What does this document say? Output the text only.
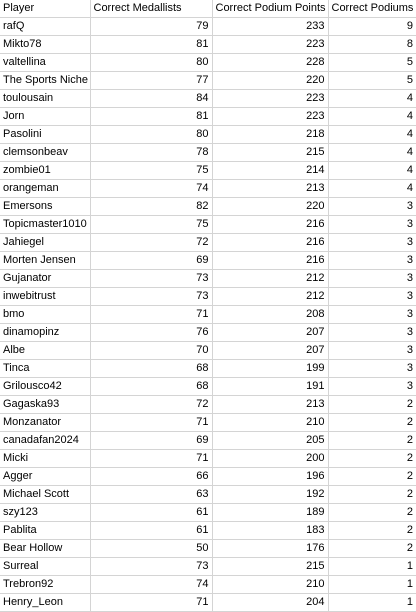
Player	Correct Medallists	Correct Podium Points	Correct Podiums
rafQ	79	233	9
Mikto78	81	223	8
valtellina	80	228	5
The Sports Niche	77	220	5
toulousain	84	223	4
Jorn	81	223	4
Pasolini	80	218	4
clemsonbeav	78	215	4
zombie01	75	214	4
orangeman	74	213	4
Emersons	82	220	3
Topicmaster1010	75	216	3
Jahiegel	72	216	3
Morten Jensen	69	216	3
Gujanator	73	212	3
inwebitrust	73	212	3
bmo	71	208	3
dinamopinz	76	207	3
Albe	70	207	3
Tinca	68	199	3
Grilousco42	68	191	3
Gagaska93	72	213	2
Monzanator	71	210	2
canadafan2024	69	205	2
Micki	71	200	2
Agger	66	196	2
Michael Scott	63	192	2
szy123	61	189	2
Pablita	61	183	2
Bear Hollow	50	176	2
Surreal	73	215	1
Trebron92	74	210	1
Henry_Leon	71	204	1
